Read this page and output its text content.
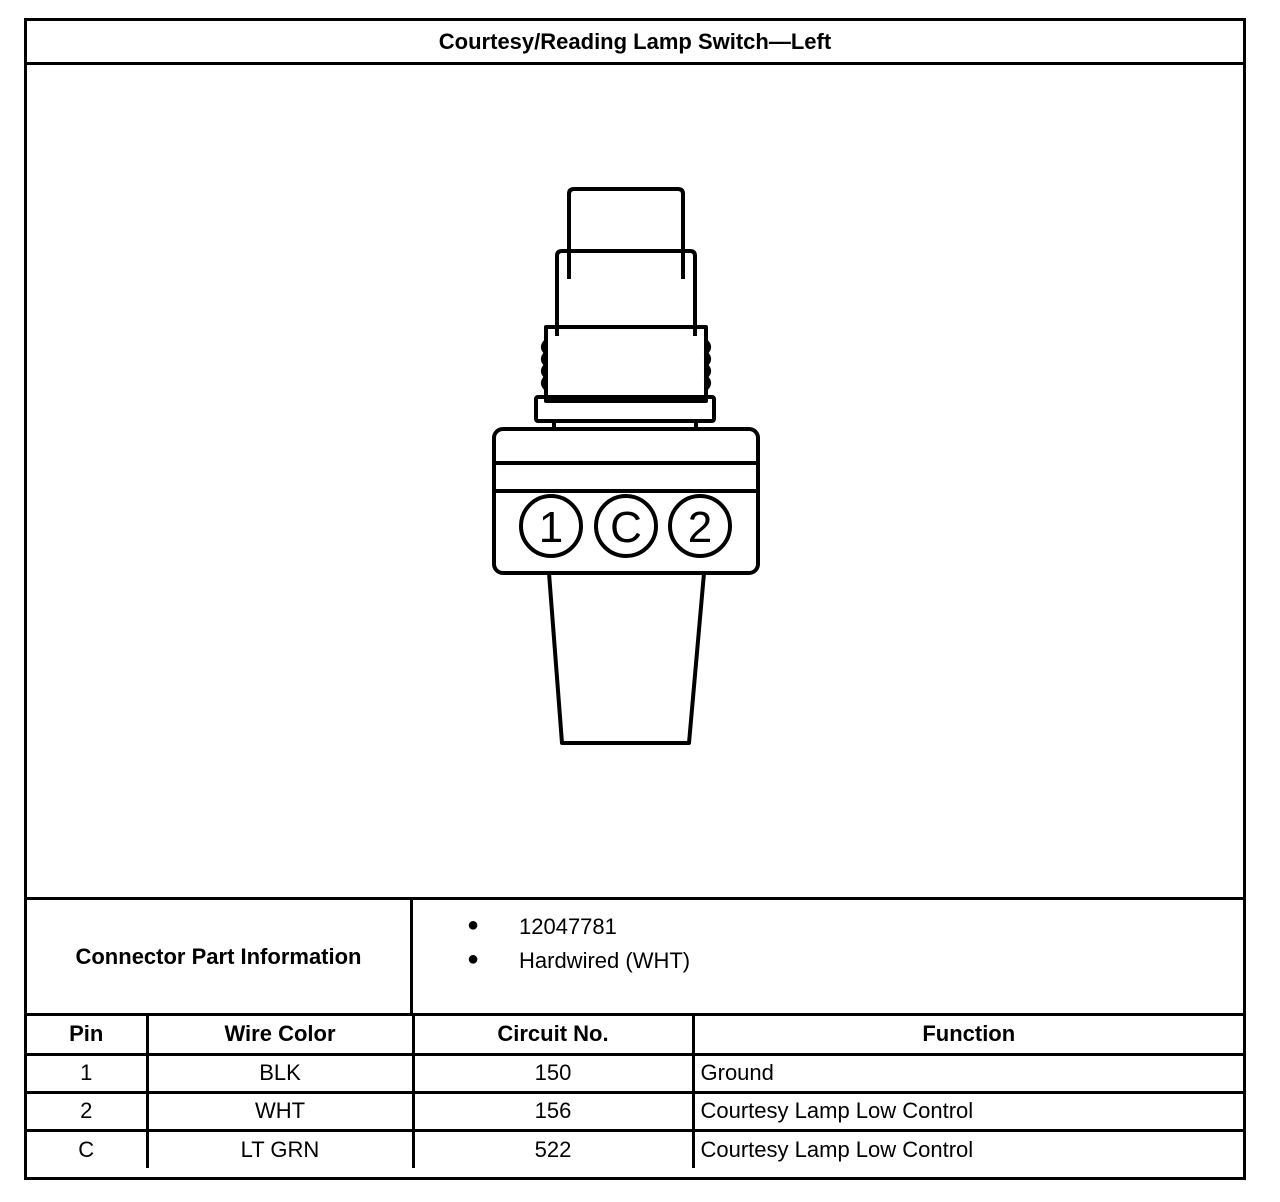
Courtesy/Reading Lamp Switch—Left
1 C 2
Connector Part Information
● 12047781
● Hardwired (WHT)
Pin	Wire Color	Circuit No.	Function
1	BLK	150	Ground
2	WHT	156	Courtesy Lamp Low Control
C	LT GRN	522	Courtesy Lamp Low Control
